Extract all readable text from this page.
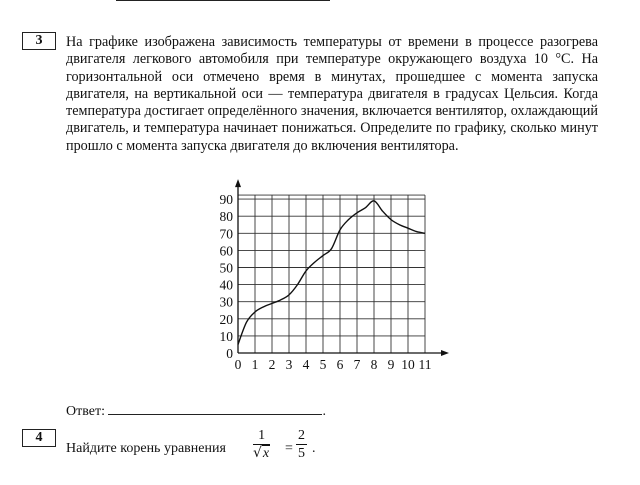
3	На графике изображена зависимость температуры от времени в процессе разогрева двигателя легкового автомобиля при температуре окружающего воздуха 10 °C. На горизонтальной оси отмечено время в минутах, прошедшее с момента запуска двигателя, на вертикальной оси — температура двигателя в градусах Цельсия. Когда температура достигает определённого значения, включается вентилятор, охлаждающий двигатель, и температура начинает понижаться. Определите по графику, сколько минут прошло с момента запуска двигателя до включения вентилятора.

0 1 2 3 4 5 6 7 8 9 10 11
0
10
20
30
40
50
60
70
80
90
Ответ:	.
4
Найдите корень уравнения $\frac{1}{√x} = \frac{2}{5}$ .
